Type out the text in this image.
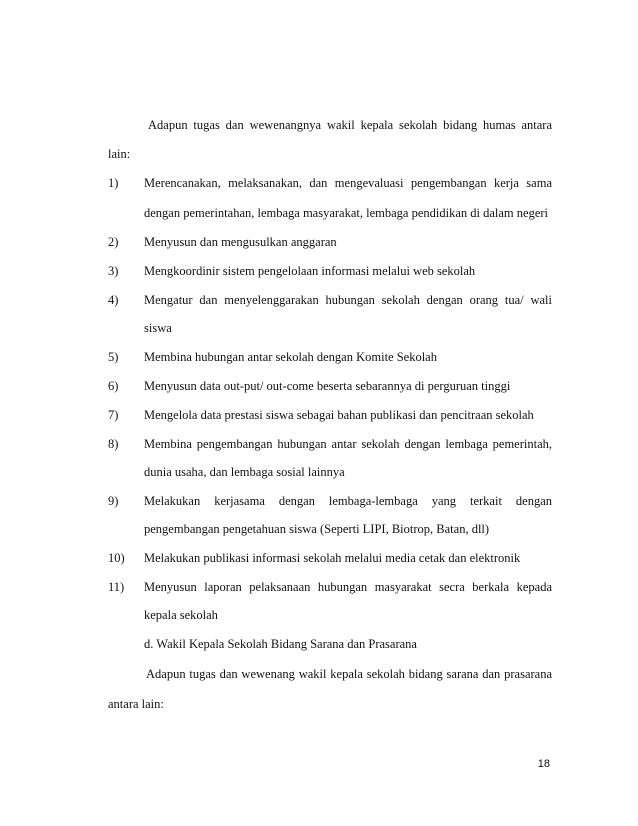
Adapun tugas dan wewenangnya wakil kepala sekolah bidang humas antara
lain:
1)	Merencanakan, melaksanakan, dan mengevaluasi pengembangan kerja sama
dengan pemerintahan, lembaga masyarakat, lembaga pendidikan di dalam negeri
2)	Menyusun dan mengusulkan anggaran
3)	Mengkoordinir sistem pengelolaan informasi melalui web sekolah
4)	Mengatur dan menyelenggarakan hubungan sekolah dengan orang tua/ wali
siswa
5)	Membina hubungan antar sekolah dengan Komite Sekolah
6)	Menyusun data out-put/ out-come beserta sebarannya di perguruan tinggi
7)	Mengelola data prestasi siswa sebagai bahan publikasi dan pencitraan sekolah
8)	Membina pengembangan hubungan antar sekolah dengan lembaga pemerintah,
dunia usaha, dan lembaga sosial lainnya
9)	Melakukan kerjasama dengan lembaga-lembaga yang terkait dengan
pengembangan pengetahuan siswa (Seperti LIPI, Biotrop, Batan, dll)
10)	Melakukan publikasi informasi sekolah melalui media cetak dan elektronik
11)	Menyusun laporan pelaksanaan hubungan masyarakat secra berkala kepada
kepala sekolah
d. Wakil Kepala Sekolah Bidang Sarana dan Prasarana
Adapun tugas dan wewenang wakil kepala sekolah bidang sarana dan prasarana
antara lain:
18
